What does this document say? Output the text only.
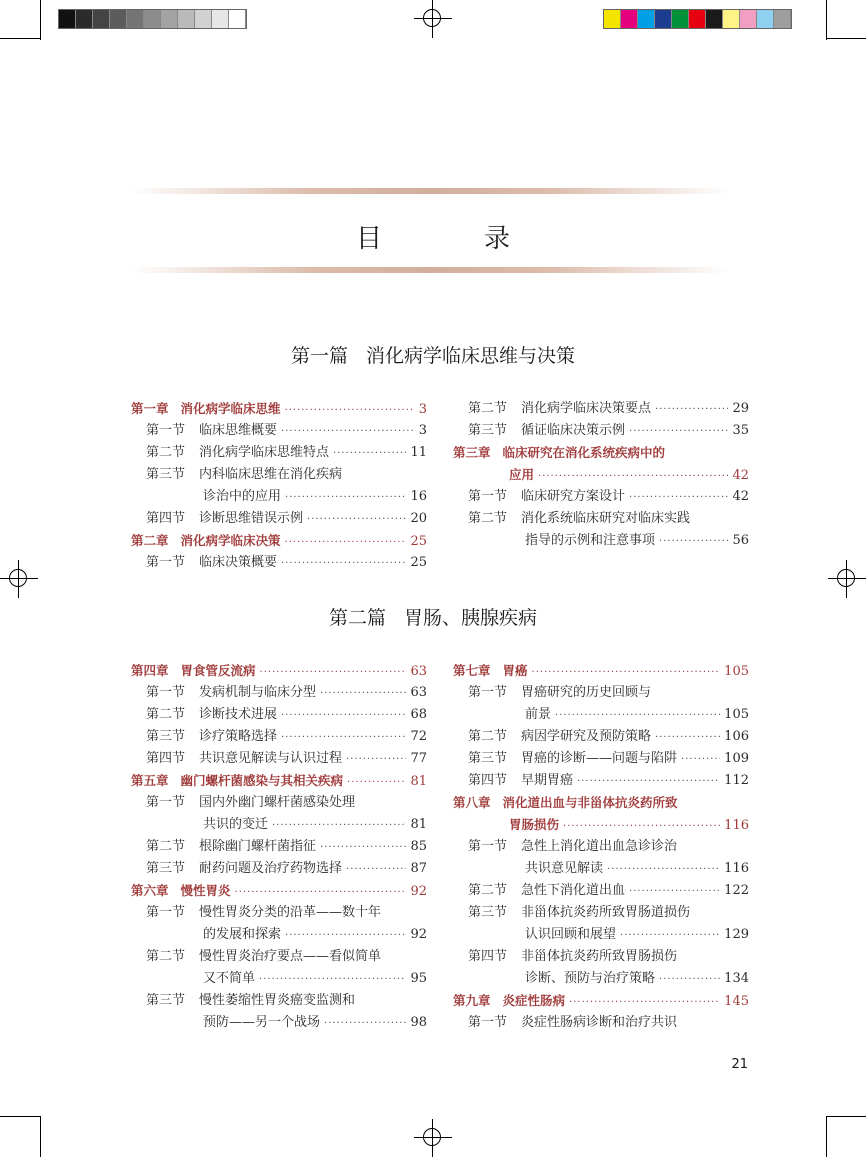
目　录
第一篇 消化病学临床思维与决策
第一章 消化病学临床思维 ·····	3
第一节 临床思维概要 ·····	3
第二节 消化病学临床思维特点 ·····	11
第三节 内科临床思维在消化疾病
诊治中的应用 ·····	16
第四节 诊断思维错误示例 ·····	20
第二章 消化病学临床决策 ·····	25
第一节 临床决策概要 ·····	25
第二节 消化病学临床决策要点 ·····	29
第三节 循证临床决策示例 ·····	35
第三章 临床研究在消化系统疾病中的
应用 ·····	42
第一节 临床研究方案设计 ·····	42
第二节 消化系统临床研究对临床实践
指导的示例和注意事项 ·····	56
第二篇 胃肠、胰腺疾病
第四章 胃食管反流病 ·····	63
第一节 发病机制与临床分型 ·····	63
第二节 诊断技术进展 ·····	68
第三节 诊疗策略选择 ·····	72
第四节 共识意见解读与认识过程 ·····	77
第五章 幽门螺杆菌感染与其相关疾病 ·····	81
第一节 国内外幽门螺杆菌感染处理
共识的变迁 ·····	81
第二节 根除幽门螺杆菌指征 ·····	85
第三节 耐药问题及治疗药物选择 ·····	87
第六章 慢性胃炎 ·····	92
第一节 慢性胃炎分类的沿革——数十年
的发展和探索 ·····	92
第二节 慢性胃炎治疗要点——看似简单
又不简单 ·····	95
第三节 慢性萎缩性胃炎癌变监测和
预防——另一个战场 ·····	98
第七章 胃癌 ·····	105
第一节 胃癌研究的历史回顾与
前景 ·····	105
第二节 病因学研究及预防策略 ·····	106
第三节 胃癌的诊断——问题与陷阱 ·····	109
第四节 早期胃癌 ·····	112
第八章 消化道出血与非甾体抗炎药所致
胃肠损伤 ·····	116
第一节 急性上消化道出血急诊诊治
共识意见解读 ·····	116
第二节 急性下消化道出血 ·····	122
第三节 非甾体抗炎药所致胃肠道损伤
认识回顾和展望 ·····	129
第四节 非甾体抗炎药所致胃肠损伤
诊断、预防与治疗策略 ·····	134
第九章 炎症性肠病 ·····	145
第一节 炎症性肠病诊断和治疗共识
21
